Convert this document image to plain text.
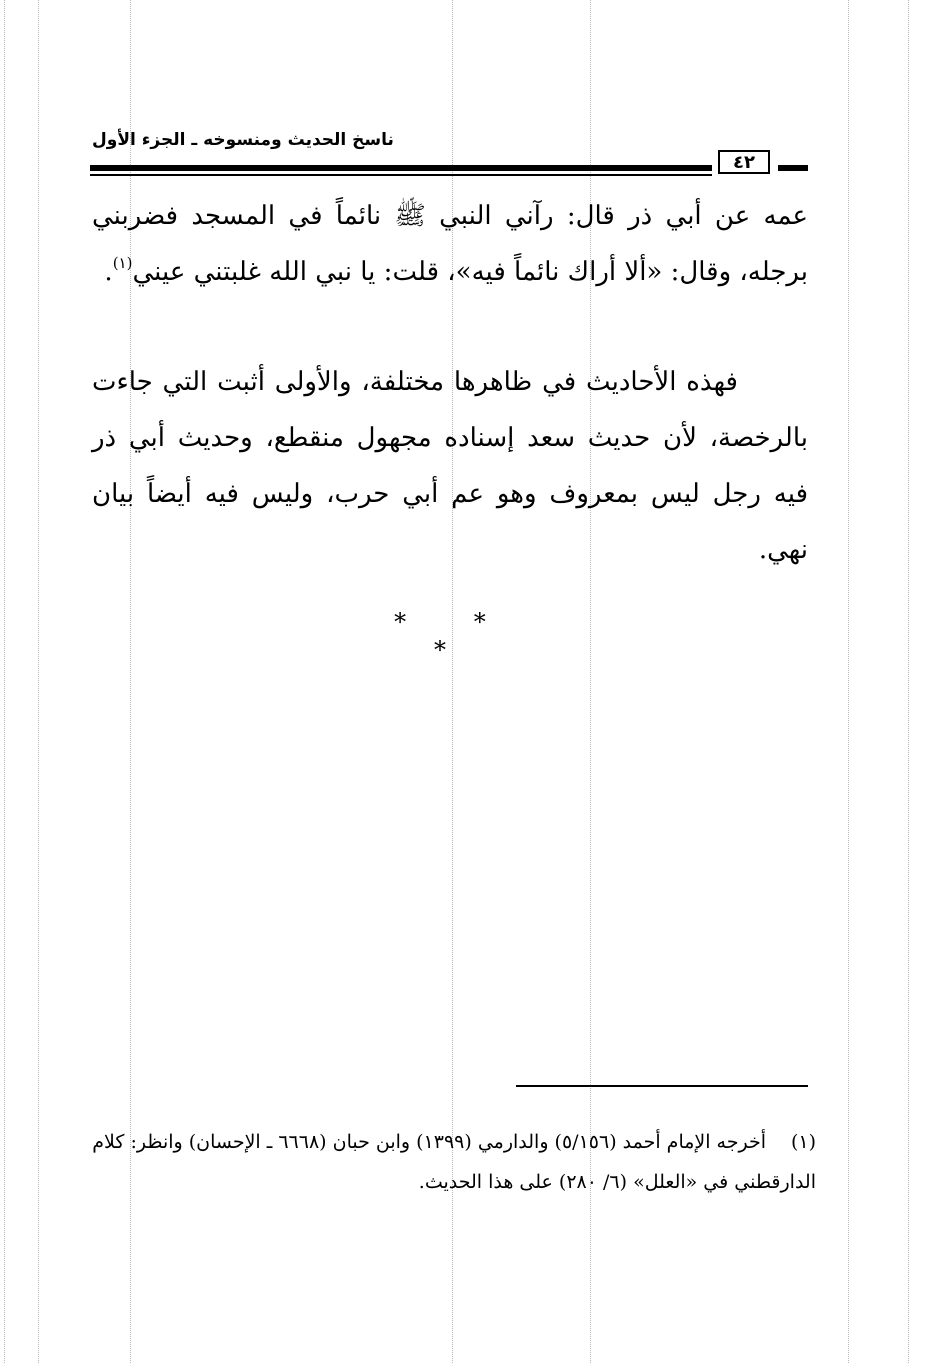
ناسخ الحديث ومنسوخه ـ الجزء الأول
٤٢

عمه عن أبي ذر قال: رآني النبي ﷺ نائماً في المسجد فضربني برجله، وقال: «ألا أراك نائماً فيه»، قلت: يا نبي الله غلبتني عيني$^{(١)}$.

فهذه الأحاديث في ظاهرها مختلفة، والأولى أثبت التي جاءت بالرخصة، لأن حديث سعد إسناده مجهول منقطع، وحديث أبي ذر فيه رجل ليس بمعروف وهو عم أبي حرب، وليس فيه أيضاً بيان نهي.

* * *

(١)أخرجه الإمام أحمد (٥/١٥٦) والدارمي (١٣٩٩) وابن حبان (٦٦٦٨ ـ الإحسان) وانظر: كلام الدارقطني في «العلل» (٦/ ٢٨٠) على هذا الحديث.
